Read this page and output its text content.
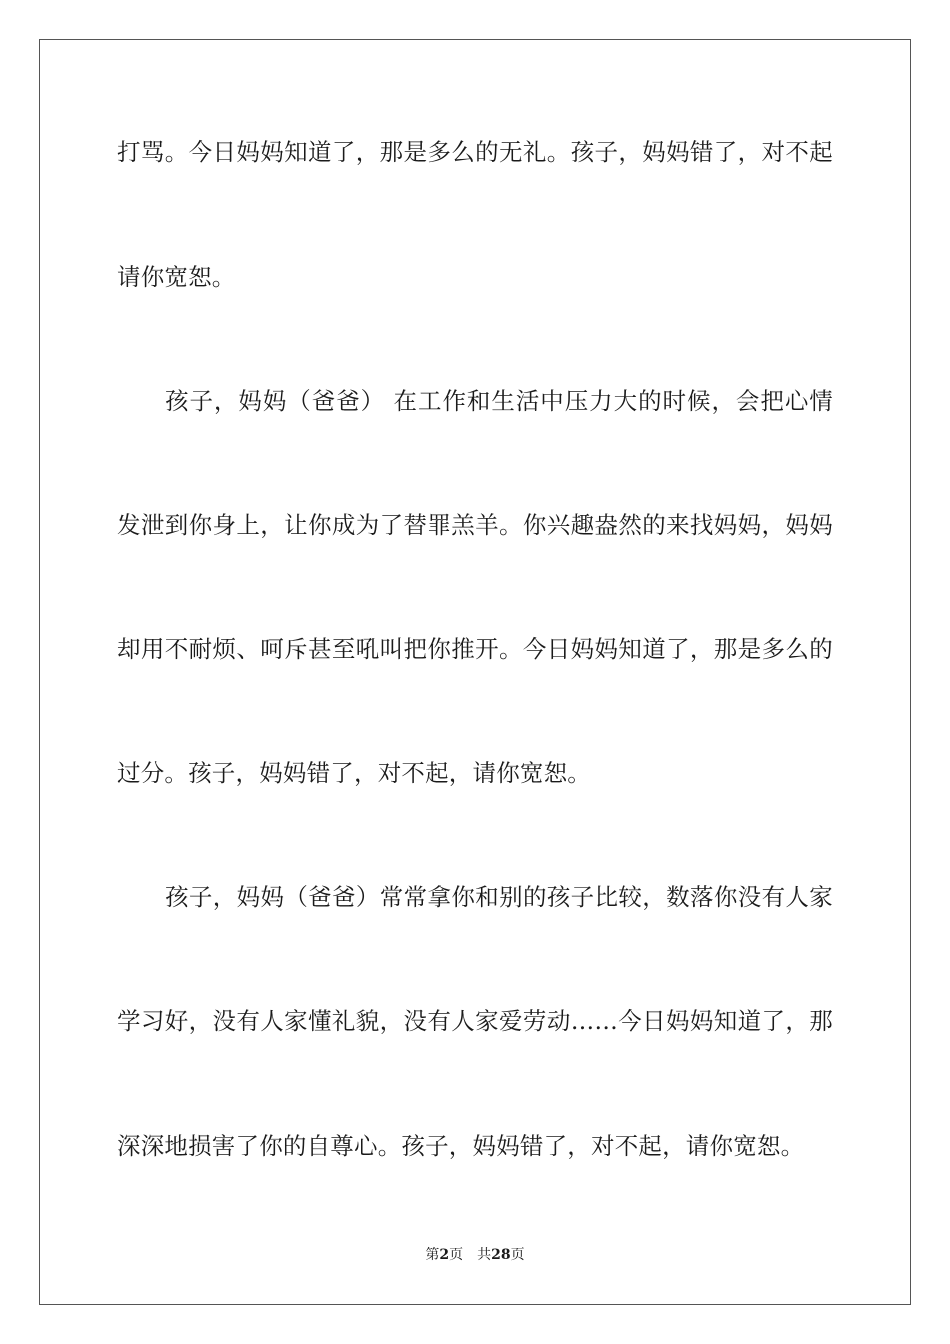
打骂。今日妈妈知道了，那是多么的无礼。孩子，妈妈错了，对不起
请你宽恕。
孩子，妈妈（爸爸） 在工作和生活中压力大的时候，会把心情
发泄到你身上，让你成为了替罪羔羊。你兴趣盎然的来找妈妈，妈妈
却用不耐烦、呵斥甚至吼叫把你推开。今日妈妈知道了，那是多么的
过分。孩子，妈妈错了，对不起，请你宽恕。
孩子，妈妈（爸爸）常常拿你和别的孩子比较，数落你没有人家
学习好，没有人家懂礼貌，没有人家爱劳动……今日妈妈知道了，那
深深地损害了你的自尊心。孩子，妈妈错了，对不起，请你宽恕。
第2页 共28页
